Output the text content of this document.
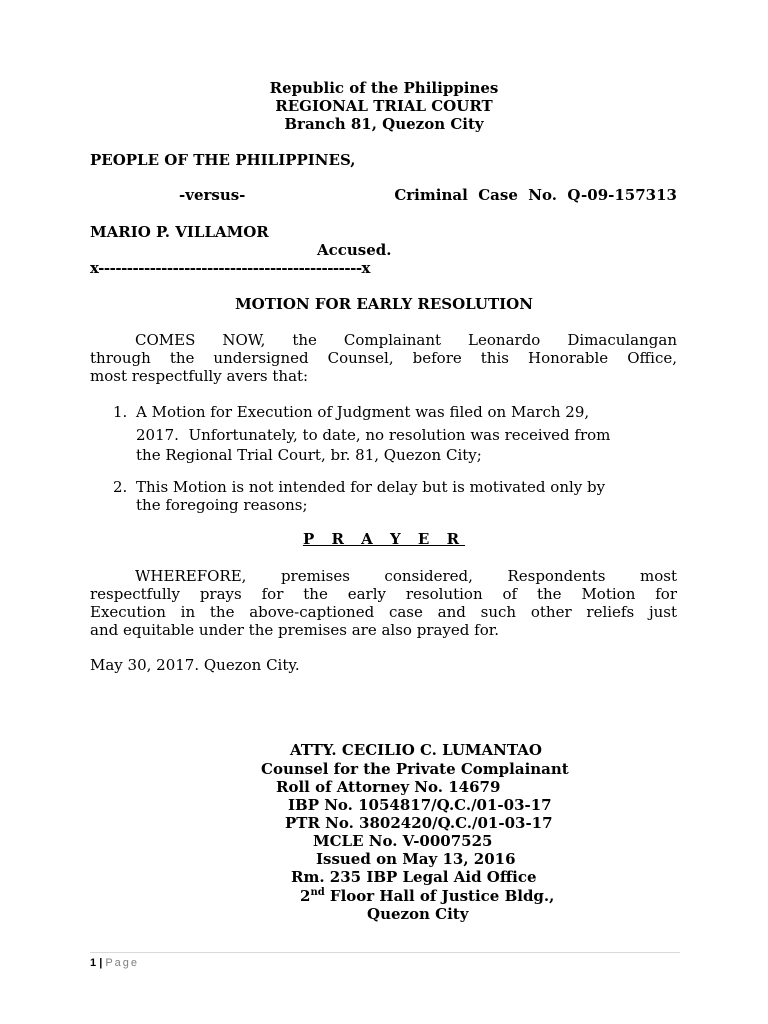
Republic of the Philippines
REGIONAL TRIAL COURT
Branch 81, Quezon City
PEOPLE OF THE PHILIPPINES,
-versus-	Criminal  Case  No.  Q-09-157313
MARIO P. VILLAMOR
Accused.
x----------------------------------------------x
MOTION FOR EARLY RESOLUTION
COMES NOW, the Complainant Leonardo Dimaculangan
through the undersigned Counsel, before this Honorable Office,
most respectfully avers that:
1. A Motion for Execution of Judgment was filed on March 29,
2017.  Unfortunately, to date, no resolution was received from
the Regional Trial Court, br. 81, Quezon City;
2. This Motion is not intended for delay but is motivated only by
the foregoing reasons;
P R A Y E R
WHEREFORE, premises considered, Respondents most
respectfully prays for the early resolution of the Motion for
Execution in the above-captioned case and such other reliefs just
and equitable under the premises are also prayed for.
May 30, 2017. Quezon City.
ATTY. CECILIO C. LUMANTAO
Counsel for the Private Complainant
Roll of Attorney No. 14679
IBP No. 1054817/Q.C./01-03-17
PTR No. 3802420/Q.C./01-03-17
MCLE No. V-0007525
Issued on May 13, 2016
Rm. 235 IBP Legal Aid Office
2nd Floor Hall of Justice Bldg.,
Quezon City
1 | Page
